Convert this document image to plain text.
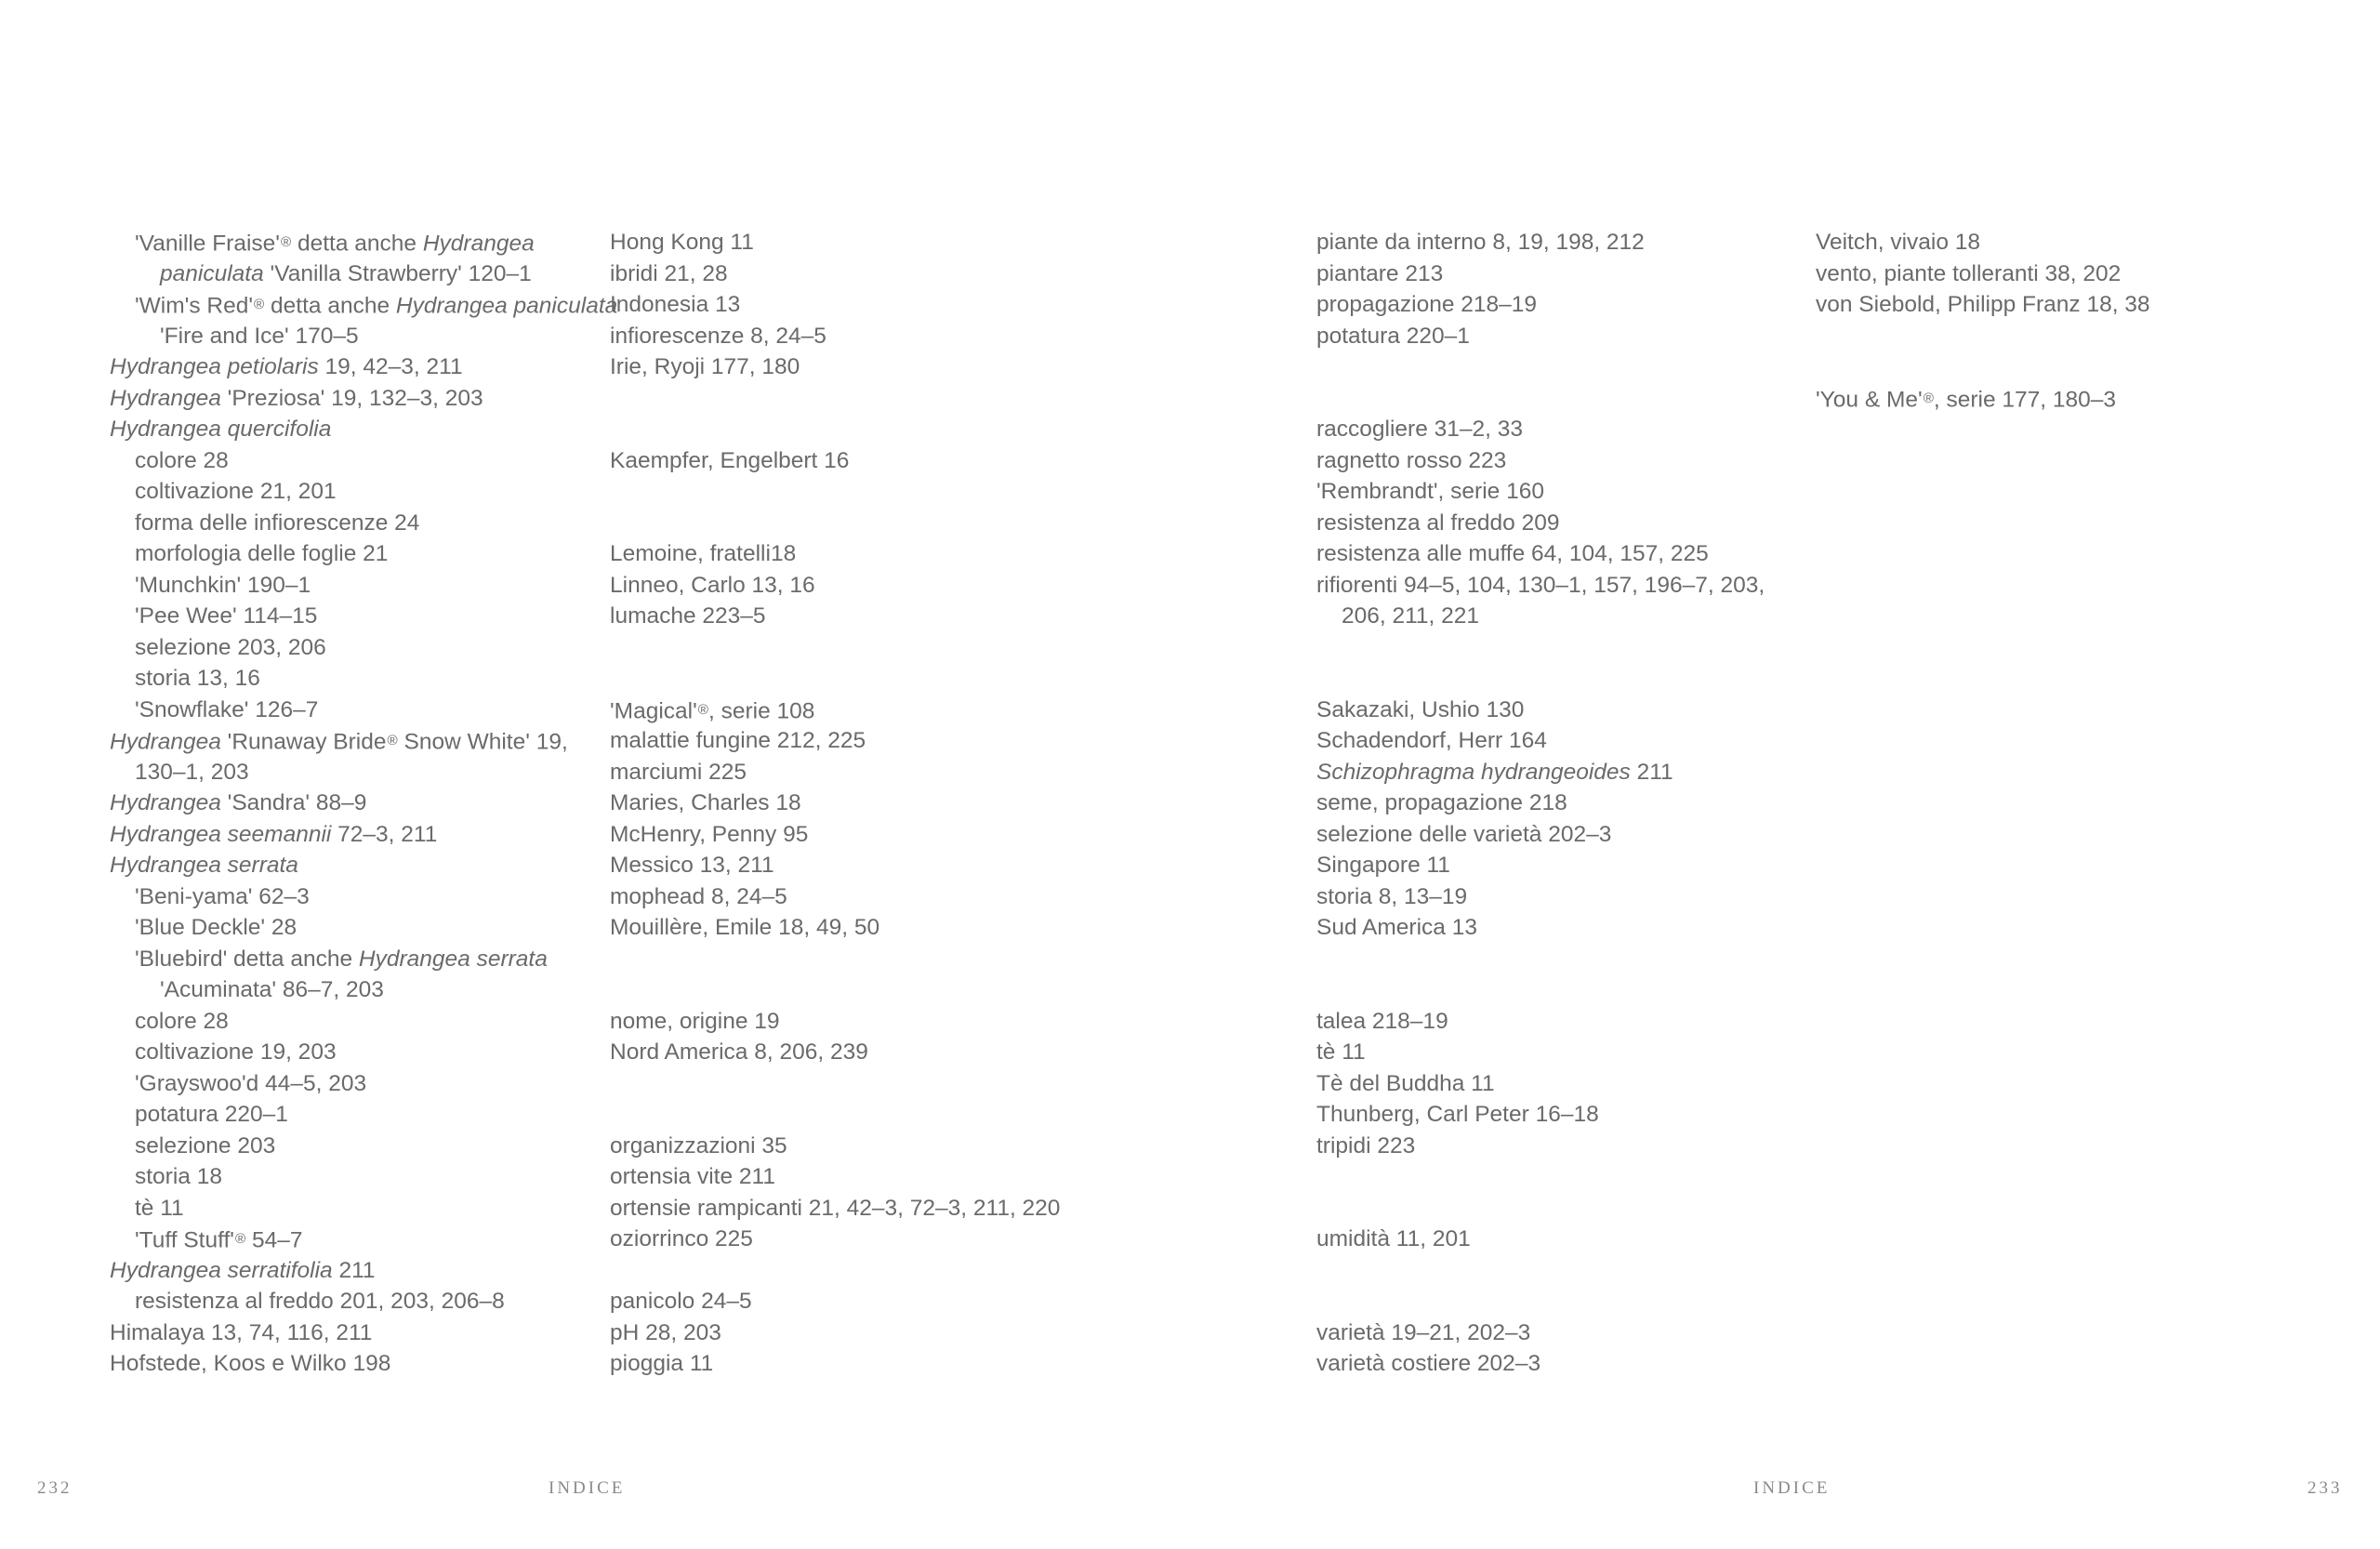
'Vanille Fraise'® detta anche Hydrangea
paniculata 'Vanilla Strawberry' 120–1
'Wim's Red'® detta anche Hydrangea paniculata
'Fire and Ice' 170–5
Hydrangea petiolaris 19, 42–3, 211
Hydrangea 'Preziosa' 19, 132–3, 203
Hydrangea quercifolia
colore 28
coltivazione 21, 201
forma delle infiorescenze 24
morfologia delle foglie 21
'Munchkin' 190–1
'Pee Wee' 114–15
selezione 203, 206
storia 13, 16
'Snowflake' 126–7
Hydrangea 'Runaway Bride® Snow White' 19,
130–1, 203
Hydrangea 'Sandra' 88–9
Hydrangea seemannii 72–3, 211
Hydrangea serrata
'Beni-yama' 62–3
'Blue Deckle' 28
'Bluebird' detta anche Hydrangea serrata
'Acuminata' 86–7, 203
colore 28
coltivazione 19, 203
'Grayswoo'd 44–5, 203
potatura 220–1
selezione 203
storia 18
tè 11
'Tuff Stuff'® 54–7
Hydrangea serratifolia 211
resistenza al freddo 201, 203, 206–8
Himalaya 13, 74, 116, 211
Hofstede, Koos e Wilko 198
Hong Kong 11
ibridi 21, 28
Indonesia 13
infiorescenze 8, 24–5
Irie, Ryoji 177, 180
Kaempfer, Engelbert 16
Lemoine, fratelli18
Linneo, Carlo 13, 16
lumache 223–5
'Magical'®, serie 108
malattie fungine 212, 225
marciumi 225
Maries, Charles 18
McHenry, Penny 95
Messico 13, 211
mophead 8, 24–5
Mouillère, Emile 18, 49, 50
nome, origine 19
Nord America 8, 206, 239
organizzazioni 35
ortensia vite 211
ortensie rampicanti 21, 42–3, 72–3, 211, 220
oziorrinco 225
panicolo 24–5
pH 28, 203
pioggia 11
piante da interno 8, 19, 198, 212
piantare 213
propagazione 218–19
potatura 220–1
raccogliere 31–2, 33
ragnetto rosso 223
'Rembrandt', serie 160
resistenza al freddo 209
resistenza alle muffe 64, 104, 157, 225
rifiorenti 94–5, 104, 130–1, 157, 196–7, 203,
206, 211, 221
Sakazaki, Ushio 130
Schadendorf, Herr 164
Schizophragma hydrangeoides 211
seme, propagazione 218
selezione delle varietà 202–3
Singapore 11
storia 8, 13–19
Sud America 13
talea 218–19
tè 11
Tè del Buddha 11
Thunberg, Carl Peter 16–18
tripidi 223
umidità 11, 201
varietà 19–21, 202–3
varietà costiere 202–3
Veitch, vivaio 18
vento, piante tolleranti 38, 202
von Siebold, Philipp Franz 18, 38
'You & Me'®, serie 177, 180–3
232	INDICE	INDICE	233
